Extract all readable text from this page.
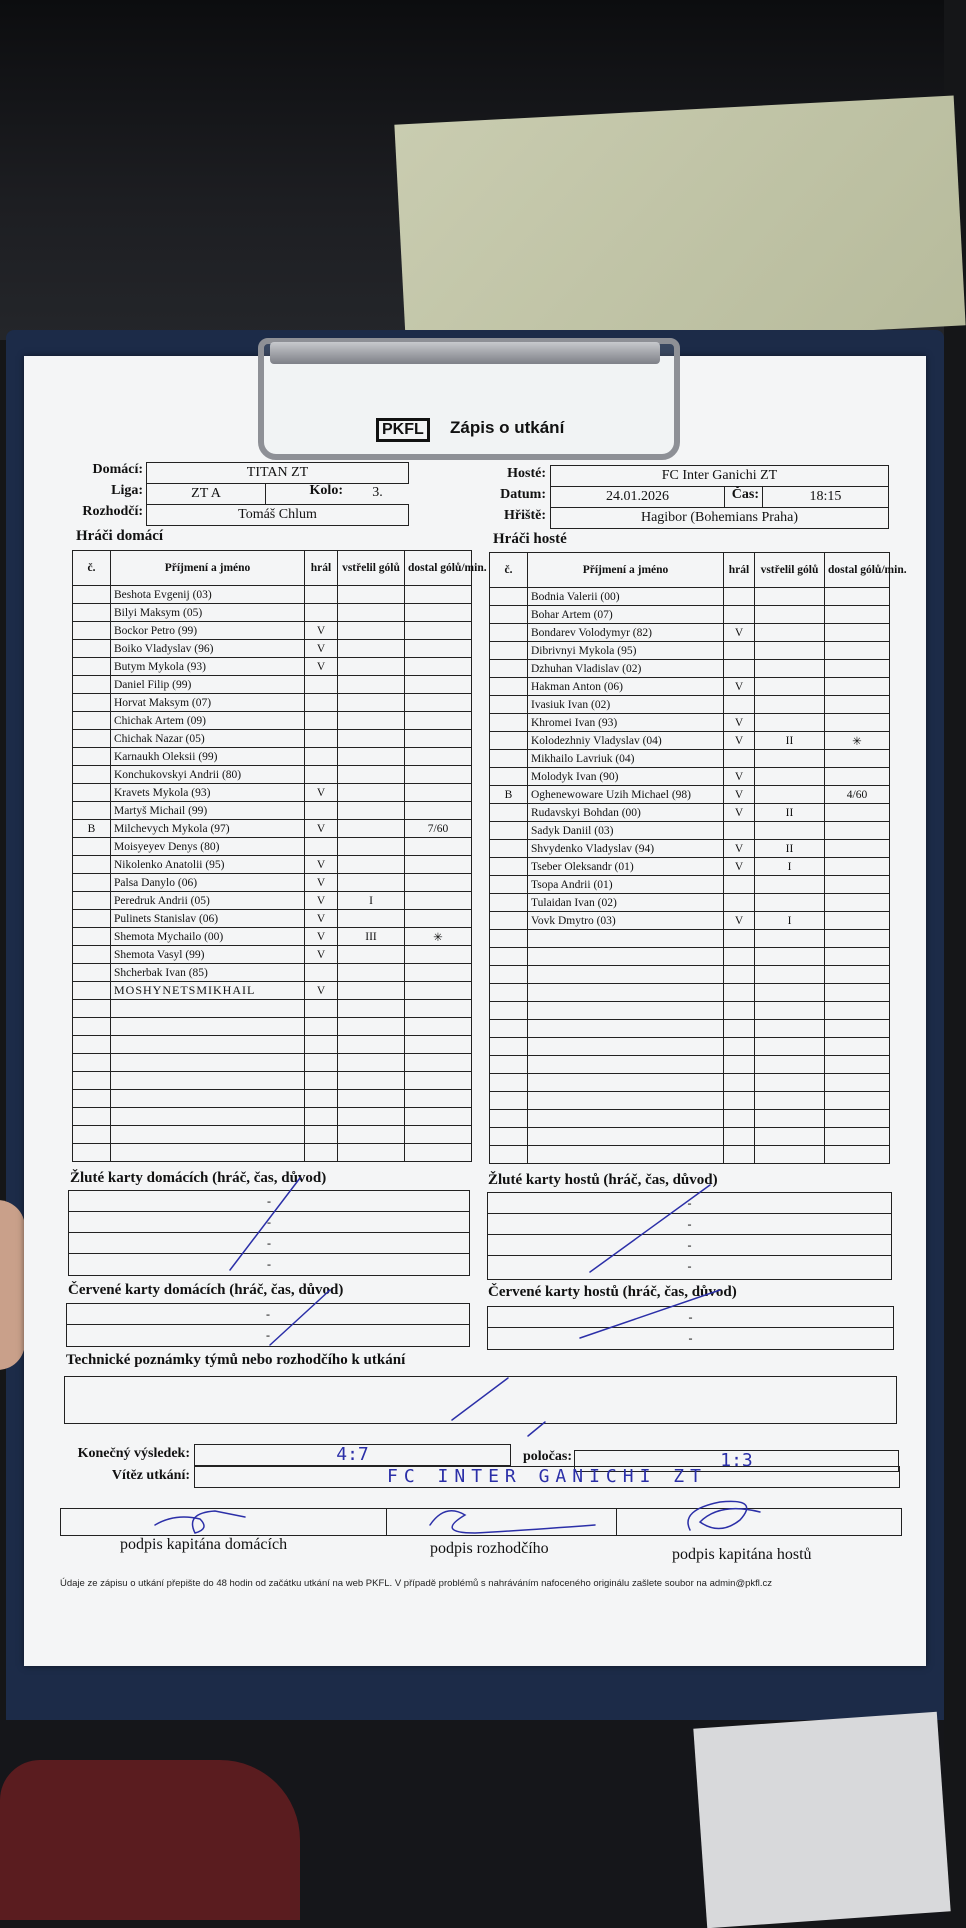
PKFL	Zápis o utkání
Domácí:	TITAN ZT
Liga:	ZT A	Kolo:	3.
Rozhodčí:	Tomáš Chlum
Hosté:	FC Inter Ganichi ZT
Datum:	24.01.2026	Čas:	18:15
Hřiště:	Hagibor (Bohemians Praha)
Hráči domácí	Hráči hosté
č.	Příjmení a jméno	hrál	vstřelil gólů	dostal gólů/min.
	Beshota Evgenij (03)			
	Bilyi Maksym (05)			
	Bockor Petro (99)	V		
	Boiko Vladyslav (96)	V		
	Butym Mykola (93)	V		
	Daniel Filip (99)			
	Horvat Maksym (07)			
	Chichak Artem (09)			
	Chichak Nazar (05)			
	Karnaukh Oleksii (99)			
	Konchukovskyi Andrii (80)			
	Kravets Mykola (93)	V		
	Martyš Michail (99)			
B	Milchevych Mykola (97)	V		7/60
	Moisyeyev Denys (80)			
	Nikolenko Anatolii (95)	V		
	Palsa Danylo (06)	V		
	Peredruk Andrii (05)	V	I	
	Pulinets Stanislav (06)	V		
	Shemota Mychailo (00)	V	III	✳
	Shemota Vasyl (99)	V		
	Shcherbak Ivan (85)			
	MOSHYNETSMIKHAIL	V		

č.	Příjmení a jméno	hrál	vstřelil gólů	dostal gólů/min.
	Bodnia Valerii (00)			
	Bohar Artem (07)			
	Bondarev Volodymyr (82)	V		
	Dibrivnyi Mykola (95)			
	Dzhuhan Vladislav (02)			
	Hakman Anton (06)	V		
	Ivasiuk Ivan (02)			
	Khromei Ivan (93)	V		
	Kolodezhniy Vladyslav (04)	V	II	✳
	Mikhailo Lavriuk (04)			
	Molodyk Ivan (90)	V		
B	Oghenewoware Uzih Michael (98)	V		4/60
	Rudavskyi Bohdan (00)	V	II	
	Sadyk Daniil (03)			
	Shvydenko Vladyslav (94)	V	II	
	Tseber Oleksandr (01)	V	I	
	Tsopa Andrii (01)			
	Tulaidan Ivan (02)			
	Vovk Dmytro (03)	V	I	

Žluté karty domácích (hráč, čas, důvod)
-
-
-
-
Žluté karty hostů (hráč, čas, důvod)
-
-
-
-
Červené karty domácích (hráč, čas, důvod)
-
-
Červené karty hostů (hráč, čas, důvod)
-
-
Technické poznámky týmů nebo rozhodčího k utkání
Konečný výsledek:	4:7	poločas:	1:3
Vítěz utkání:	FC INTER GANICHI ZT
podpis kapitána domácích	podpis rozhodčího	podpis kapitána hostů
Údaje ze zápisu o utkání přepište do 48 hodin od začátku utkání na web PKFL. V případě problémů s nahráváním nafoceného originálu zašlete soubor na admin@pkfl.cz
